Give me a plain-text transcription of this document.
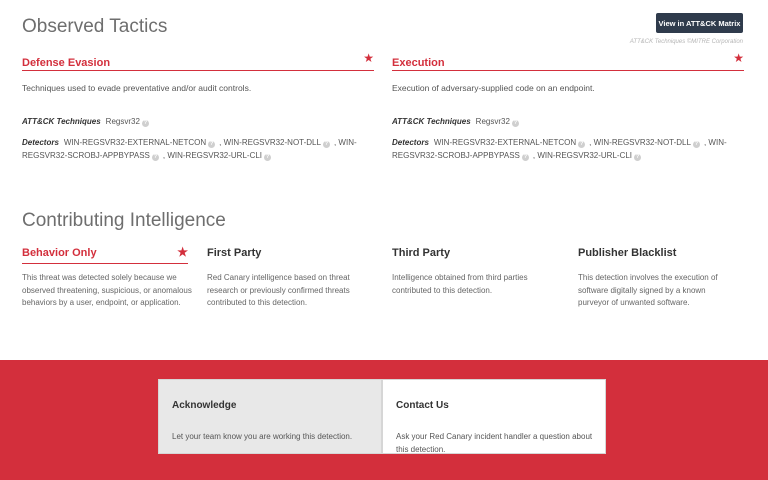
Observed Tactics	View in ATT&CK Matrix
ATT&CK Techniques ©MITRE Corporation
Defense Evasion	★
Techniques used to evade preventative and/or audit controls.
ATT&CK Techniques Regsvr32 ?
Detectors WIN-REGSVR32-EXTERNAL-NETCON ? , WIN-REGSVR32-NOT-DLL ? , WIN-REGSVR32-SCROBJ-APPBYPASS ? , WIN-REGSVR32-URL-CLI ?
Execution	★
Execution of adversary-supplied code on an endpoint.
ATT&CK Techniques Regsvr32 ?
Detectors WIN-REGSVR32-EXTERNAL-NETCON ? , WIN-REGSVR32-NOT-DLL ? , WIN-REGSVR32-SCROBJ-APPBYPASS ? , WIN-REGSVR32-URL-CLI ?
Contributing Intelligence
Behavior Only	★
This threat was detected solely because we observed threatening, suspicious, or anomalous behaviors by a user, endpoint, or application.
First Party
Red Canary intelligence based on threat research or previously confirmed threats contributed to this detection.
Third Party
Intelligence obtained from third parties contributed to this detection.
Publisher Blacklist
This detection involves the execution of software digitally signed by a known purveyor of unwanted software.
Acknowledge
Let your team know you are working this detection.
Contact Us
Ask your Red Canary incident handler a question about this detection.
